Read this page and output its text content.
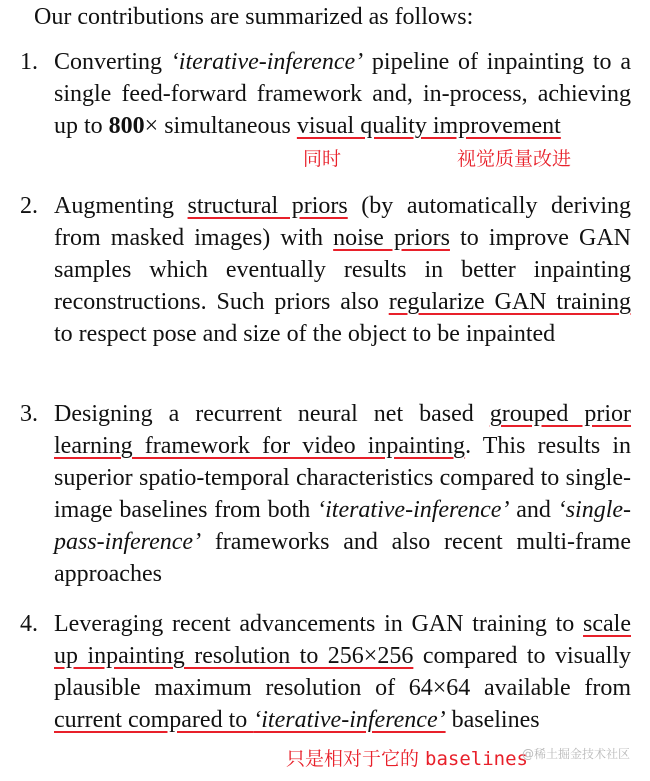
Our contributions are summarized as follows:

1. Converting ‘iterative-inference’ pipeline of inpainting to a single feed-forward framework and, in-process, achieving up to 800× simultaneous visual quality improvement

同时	视觉质量改进
2. Augmenting structural priors (by automatically deriving from masked images) with noise priors to improve GAN samples which eventually results in better inpainting reconstructions. Such priors also regularize GAN training to respect pose and size of the object to be inpainted

3. Designing a recurrent neural net based grouped prior learning framework for video inpainting. This results in superior spatio-temporal characteristics compared to single-image baselines from both ‘iterative-inference’ and ‘single-pass-inference’ frameworks and also recent multi-frame approaches

4. Leveraging recent advancements in GAN training to scale up inpainting resolution to 256×256 compared to visually plausible maximum resolution of 64×64 available from current compared to ‘iterative-inference’ baselines

只是相对于它的 baselines
@稀土掘金技术社区
